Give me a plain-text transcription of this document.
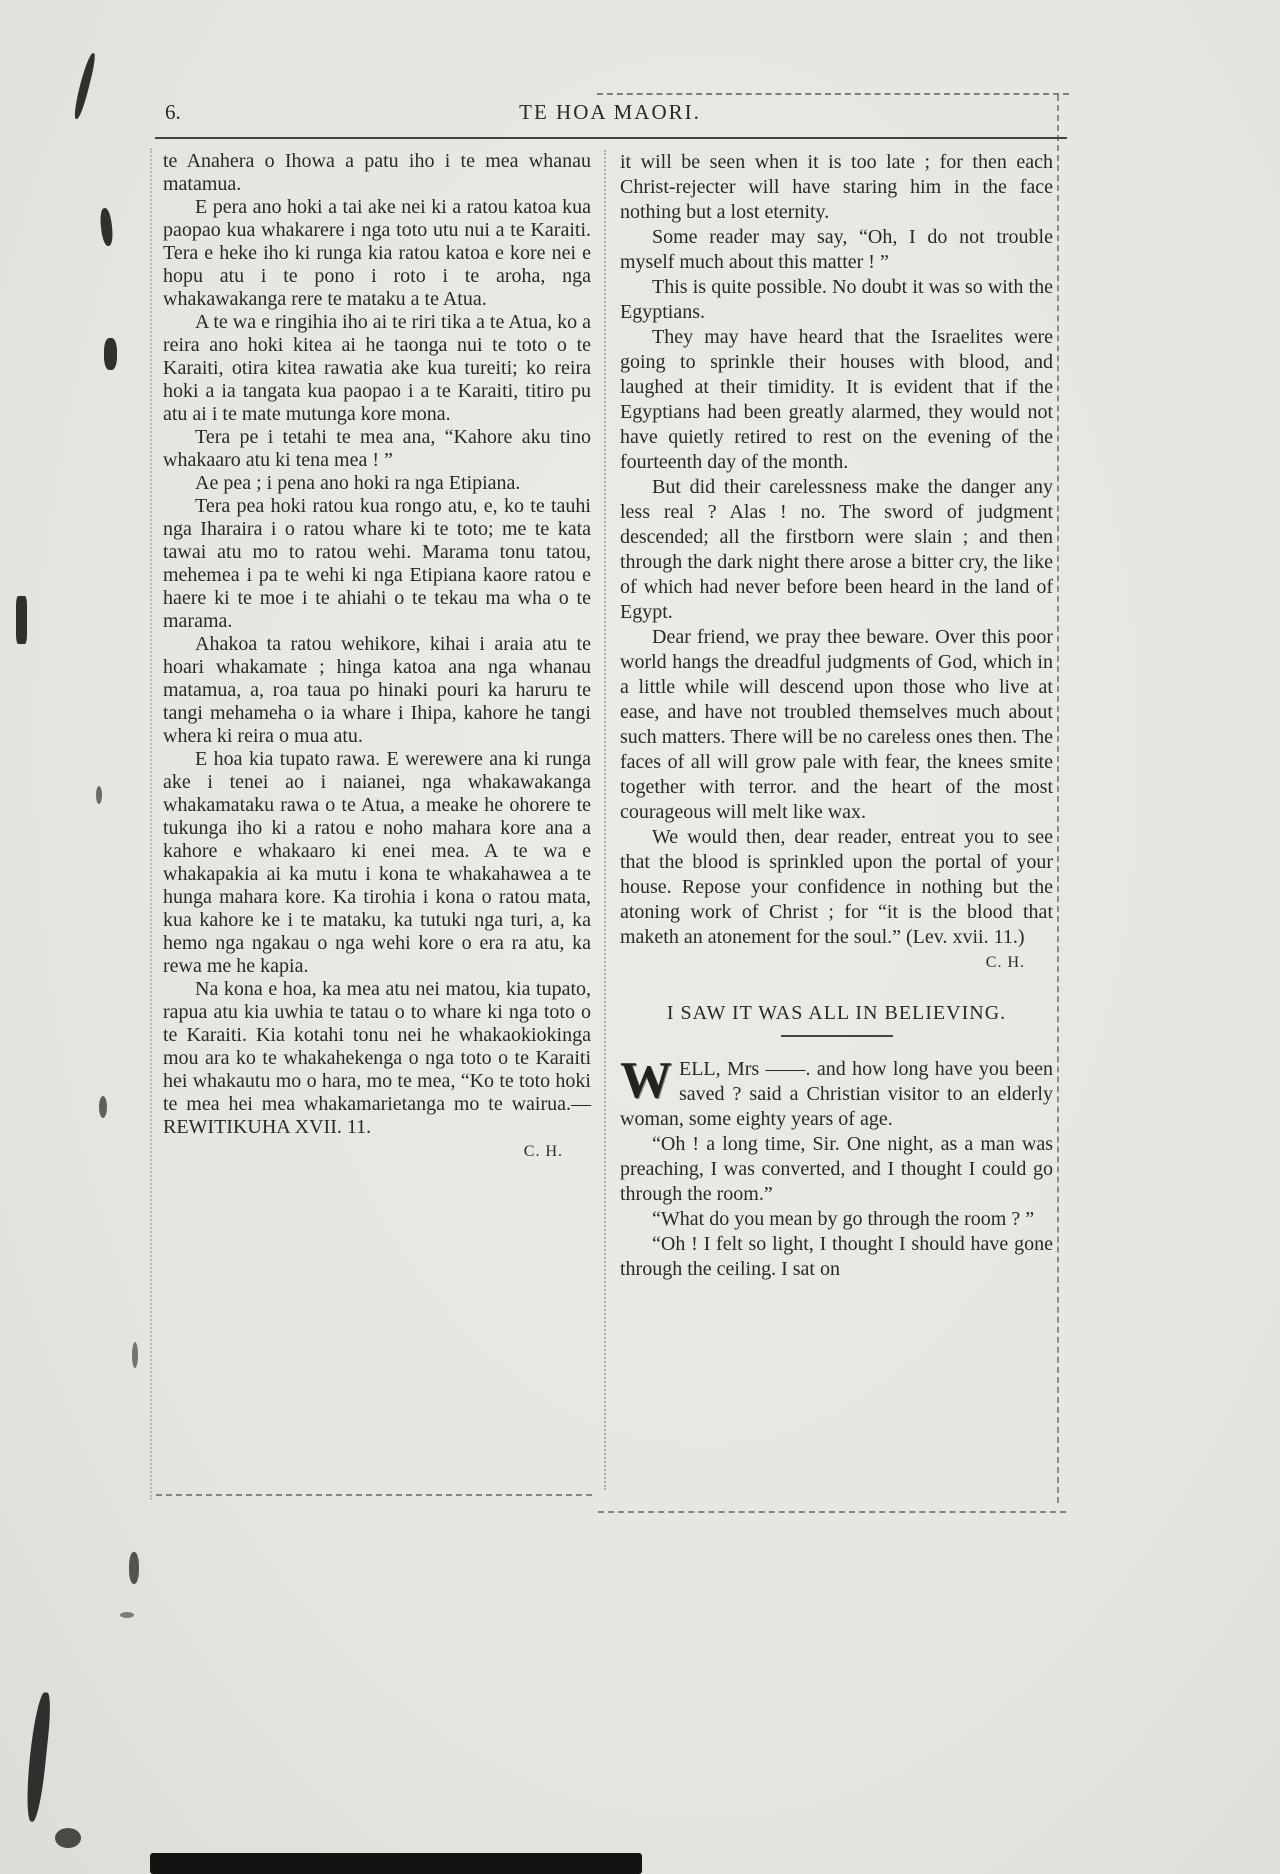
6.	TE HOA MAORI.

te Anahera o Ihowa a patu iho i te mea whanau matamua.

E pera ano hoki a tai ake nei ki a ratou katoa kua paopao kua whakarere i nga toto utu nui a te Karaiti. Tera e heke iho ki runga kia ratou katoa e kore nei e hopu atu i te pono i roto i te aroha, nga whakawakanga rere te mataku a te Atua.

A te wa e ringihia iho ai te riri tika a te Atua, ko a reira ano hoki kitea ai he taonga nui te toto o te Karaiti, otira kitea rawatia ake kua tureiti; ko reira hoki a ia tangata kua paopao i a te Karaiti, titiro pu atu ai i te mate mutunga kore mona.

Tera pe i tetahi te mea ana, “Kahore aku tino whakaaro atu ki tena mea ! ”

Ae pea ; i pena ano hoki ra nga Etipiana.

Tera pea hoki ratou kua rongo atu, e, ko te tauhi nga Iharaira i o ratou whare ki te toto; me te kata tawai atu mo to ratou wehi. Marama tonu tatou, mehemea i pa te wehi ki nga Etipiana kaore ratou e haere ki te moe i te ahiahi o te tekau ma wha o te marama.

Ahakoa ta ratou wehikore, kihai i araia atu te hoari whakamate ; hinga katoa ana nga whanau matamua, a, roa taua po hinaki pouri ka haruru te tangi mehameha o ia whare i Ihipa, kahore he tangi whera ki reira o mua atu.

E hoa kia tupato rawa. E werewere ana ki runga ake i tenei ao i naianei, nga whakawakanga whakamataku rawa o te Atua, a meake he ohorere te tukunga iho ki a ratou e noho mahara kore ana a kahore e whakaaro ki enei mea. A te wa e whakapakia ai ka mutu i kona te whakahawea a te hunga mahara kore. Ka tirohia i kona o ratou mata, kua kahore ke i te mataku, ka tutuki nga turi, a, ka hemo nga ngakau o nga wehi kore o era ra atu, ka rewa me he kapia.

Na kona e hoa, ka mea atu nei matou, kia tupato, rapua atu kia uwhia te tatau o to whare ki nga toto o te Karaiti. Kia kotahi tonu nei he whakaokiokinga mou ara ko te whakahekenga o nga toto o te Karaiti hei whakautu mo o hara, mo te mea, “Ko te toto hoki te mea hei mea whakamarietanga mo te wairua.—REWITIKUHA XVII. 11.

C. H.

it will be seen when it is too late ; for then each Christ-rejecter will have staring him in the face nothing but a lost eternity.

Some reader may say, “Oh, I do not trouble myself much about this matter ! ”

This is quite possible. No doubt it was so with the Egyptians.

They may have heard that the Israelites were going to sprinkle their houses with blood, and laughed at their timidity. It is evident that if the Egyptians had been greatly alarmed, they would not have quietly retired to rest on the evening of the fourteenth day of the month.

But did their carelessness make the danger any less real ? Alas ! no. The sword of judgment descended; all the firstborn were slain ; and then through the dark night there arose a bitter cry, the like of which had never before been heard in the land of Egypt.

Dear friend, we pray thee beware. Over this poor world hangs the dreadful judgments of God, which in a little while will descend upon those who live at ease, and have not troubled themselves much about such matters. There will be no careless ones then. The faces of all will grow pale with fear, the knees smite together with terror. and the heart of the most courageous will melt like wax.

We would then, dear reader, entreat you to see that the blood is sprinkled upon the portal of your house. Repose your confidence in nothing but the atoning work of Christ ; for “it is the blood that maketh an atonement for the soul.” (Lev. xvii. 11.)

C. H.
I SAW IT WAS ALL IN BELIEVING.

WELL, Mrs ——. and how long have you been saved ? said a Christian visitor to an elderly woman, some eighty years of age.

“Oh ! a long time, Sir. One night, as a man was preaching, I was converted, and I thought I could go through the room.”

“What do you mean by go through the room ? ”

“Oh ! I felt so light, I thought I should have gone through the ceiling. I sat on
